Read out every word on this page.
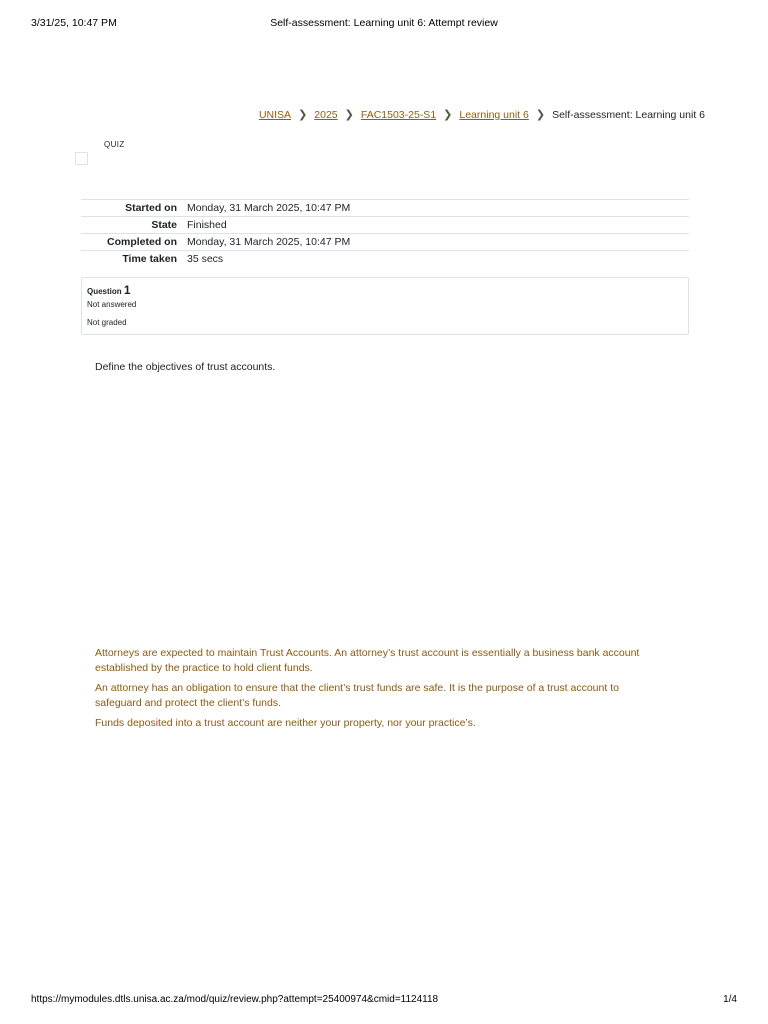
3/31/25, 10:47 PM	Self-assessment: Learning unit 6: Attempt review
UNISA ❯ 2025 ❯ FAC1503-25-S1 ❯ Learning unit 6 ❯ Self-assessment: Learning unit 6
QUIZ
Started on	Monday, 31 March 2025, 10:47 PM
State	Finished
Completed on	Monday, 31 March 2025, 10:47 PM
Time taken	35 secs
Question 1
Not answered
Not graded
Define the objectives of trust accounts.

Attorneys are expected to maintain Trust Accounts. An attorney’s trust account is essentially a business bank account established by the practice to hold client funds.

An attorney has an obligation to ensure that the client’s trust funds are safe. It is the purpose of a trust account to safeguard and protect the client’s funds.

Funds deposited into a trust account are neither your property, nor your practice’s.

https://mymodules.dtls.unisa.ac.za/mod/quiz/review.php?attempt=25400974&cmid=1124118	1/4
